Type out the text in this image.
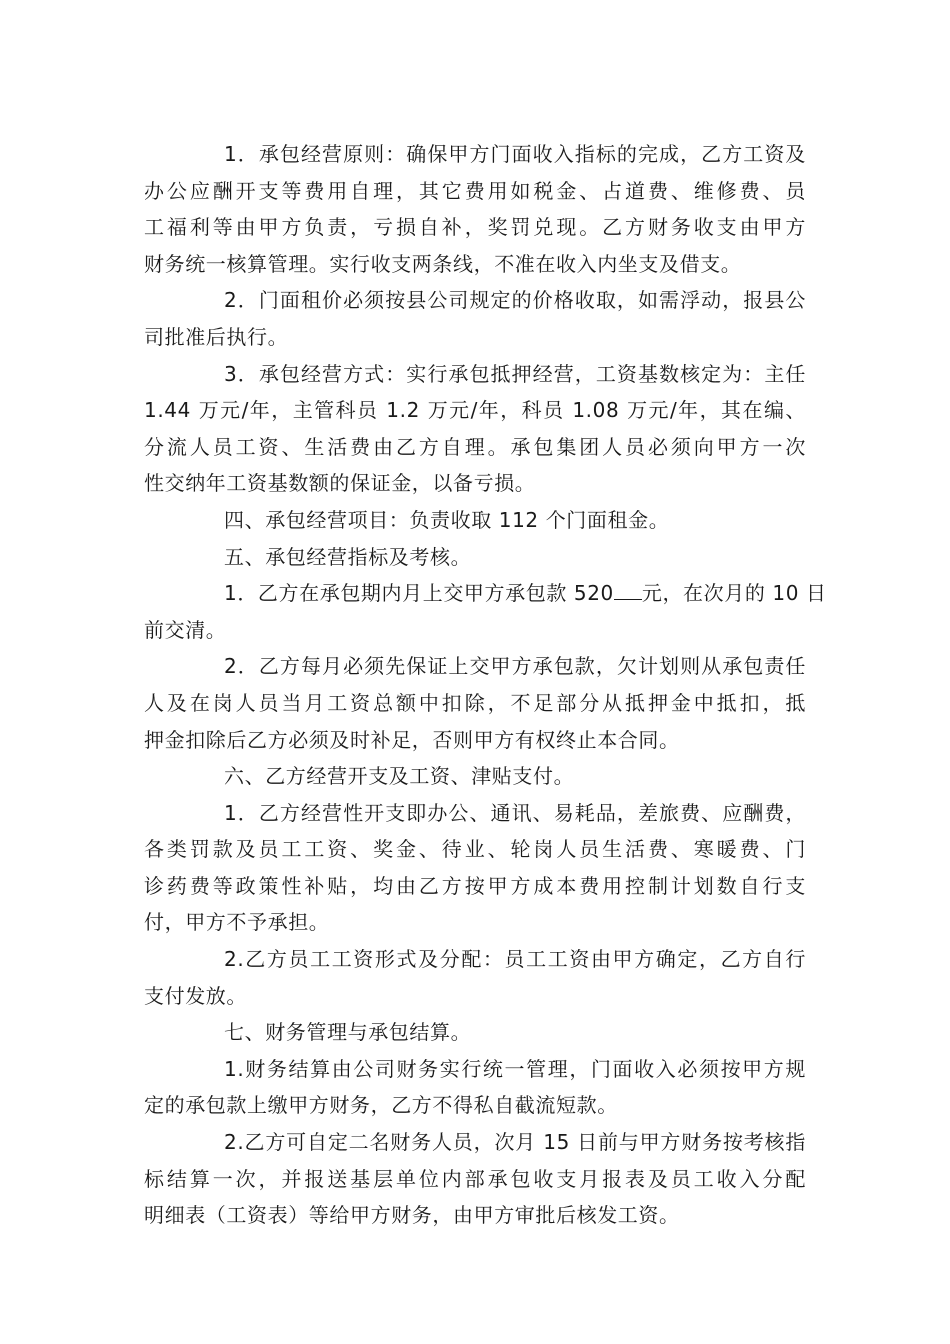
1．承包经营原则：确保甲方门面收入指标的完成，乙方工资及
办公应酬开支等费用自理，其它费用如税金、占道费、维修费、员
工福利等由甲方负责，亏损自补，奖罚兑现。乙方财务收支由甲方
财务统一核算管理。实行收支两条线，不准在收入内坐支及借支。

2．门面租价必须按县公司规定的价格收取，如需浮动，报县公
司批准后执行。

3．承包经营方式：实行承包抵押经营，工资基数核定为：主任
1.44 万元/年，主管科员 1.2 万元/年，科员 1.08 万元/年，其在编、
分流人员工资、生活费由乙方自理。承包集团人员必须向甲方一次
性交纳年工资基数额的保证金，以备亏损。

四、承包经营项目：负责收取 112 个门面租金。

五、承包经营指标及考核。

1．乙方在承包期内月上交甲方承包款 520 元，在次月的 10 日
前交清。

2．乙方每月必须先保证上交甲方承包款，欠计划则从承包责任
人及在岗人员当月工资总额中扣除，不足部分从抵押金中抵扣，抵
押金扣除后乙方必须及时补足，否则甲方有权终止本合同。

六、乙方经营开支及工资、津贴支付。

1．乙方经营性开支即办公、通讯、易耗品，差旅费、应酬费，
各类罚款及员工工资、奖金、待业、轮岗人员生活费、寒暖费、门
诊药费等政策性补贴，均由乙方按甲方成本费用控制计划数自行支
付，甲方不予承担。

2.乙方员工工资形式及分配：员工工资由甲方确定，乙方自行
支付发放。

七、财务管理与承包结算。

1.财务结算由公司财务实行统一管理，门面收入必须按甲方规
定的承包款上缴甲方财务，乙方不得私自截流短款。

2.乙方可自定二名财务人员，次月 15 日前与甲方财务按考核指
标结算一次，并报送基层单位内部承包收支月报表及员工收入分配
明细表（工资表）等给甲方财务，由甲方审批后核发工资。
